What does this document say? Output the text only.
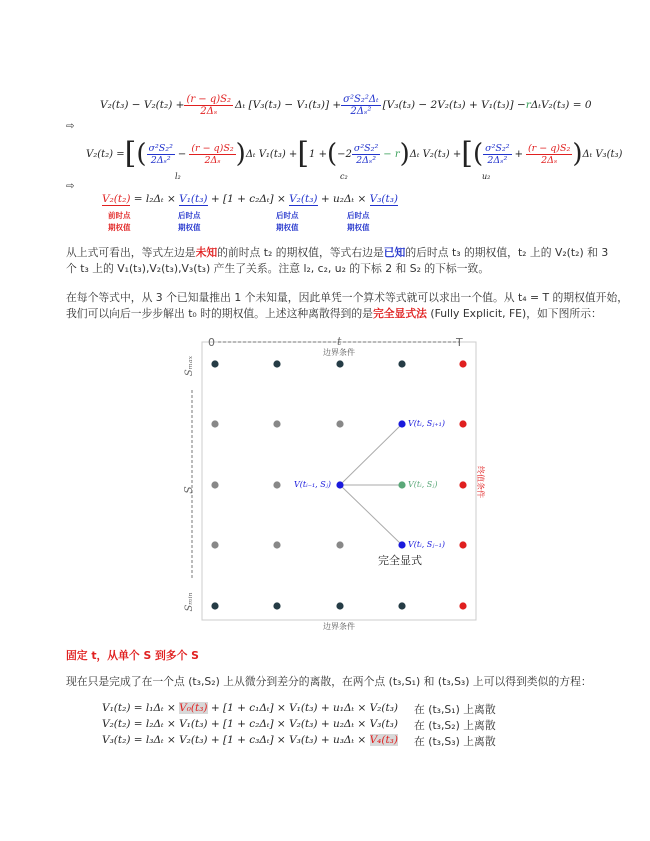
$V_2(t_3) - V_2(t_2) + \frac{\text{(r − q)S₂}}{\text{2Δₛ}}$ Δₜ $[V_3(t_3) - V_1(t_3)] + \frac{\text{σ²S₂²Δₜ}}{\text{2Δₛ²}} [V_3(t_3) - 2V_2(t_3) + V_1(t_3)] - r$ ΔₜV₂(t₃) = 0
⇨
V₂(t₂) = [ ( $\frac{\text{σ²S₂²}}{\text{2Δₛ²}} - \frac{\text{(r − q)S₂}}{\text{2Δₛ}}$ ) Δₜ V₁(t₃) + [ 1 + ( $-2 \frac{\text{σ²S₂²}}{\text{2Δₛ²}} - r$ ) Δₜ V₂(t₃) + [ ( $\frac{\text{σ²S₂²}}{\text{2Δₛ²}} + \frac{\text{(r − q)S₂}}{\text{2Δₛ}}$ ) Δₜ V₃(t₃)
l₂	c₂	u₂
⇨
V₂(t₂) = l₂Δₜ × V₁(t₃) + [1 + c₂Δₜ] × V₂(t₃) + u₂Δₜ × V₃(t₃)
前时点
期权值
后时点
期权值
后时点
期权值
后时点
期权值
从上式可看出，等式左边是未知的前时点 t₂ 的期权值，等式右边是已知的后时点 t₃ 的期权值，t₂ 上的 V₂(t₂) 和 3
个 t₃ 上的 V₁(t₃),V₂(t₃),V₃(t₃) 产生了关系。注意 l₂, c₂, u₂ 的下标 2 和 S₂ 的下标一致。
在每个等式中，从 3 个已知量推出 1 个未知量，因此单凭一个算术等式就可以求出一个值。从 t₄ = T 的期权值开始，
我们可以向后一步步解出 t₀ 时的期权值。上述这种离散得到的是完全显式法 (Fully Explicit, FE)，如下图所示：
0	t	T
边界条件
边界条件
Sₘₐₓ
S
Sₘᵢₙ
终值条件
V(tᵢ₋₁, Sⱼ)
V(tᵢ, Sⱼ₊₁)
V(tᵢ, Sⱼ)
V(tᵢ, Sⱼ₋₁)
完全显式
固定 t，从单个 S 到多个 S
现在只是完成了在一个点 (t₃,S₂) 上从微分到差分的离散，在两个点 (t₃,S₁) 和 (t₃,S₃) 上可以得到类似的方程：
V₁(t₂) = l₁Δₜ × V₀(t₃) + [1 + c₁Δₜ] × V₁(t₃) + u₁Δₜ × V₂(t₃) 在 (t₃,S₁) 上离散
V₂(t₂) = l₂Δₜ × V₁(t₃) + [1 + c₂Δₜ] × V₂(t₃) + u₂Δₜ × V₃(t₃) 在 (t₃,S₂) 上离散
V₃(t₂) = l₃Δₜ × V₂(t₃) + [1 + c₃Δₜ] × V₃(t₃) + u₃Δₜ × V₄(t₃) 在 (t₃,S₃) 上离散
